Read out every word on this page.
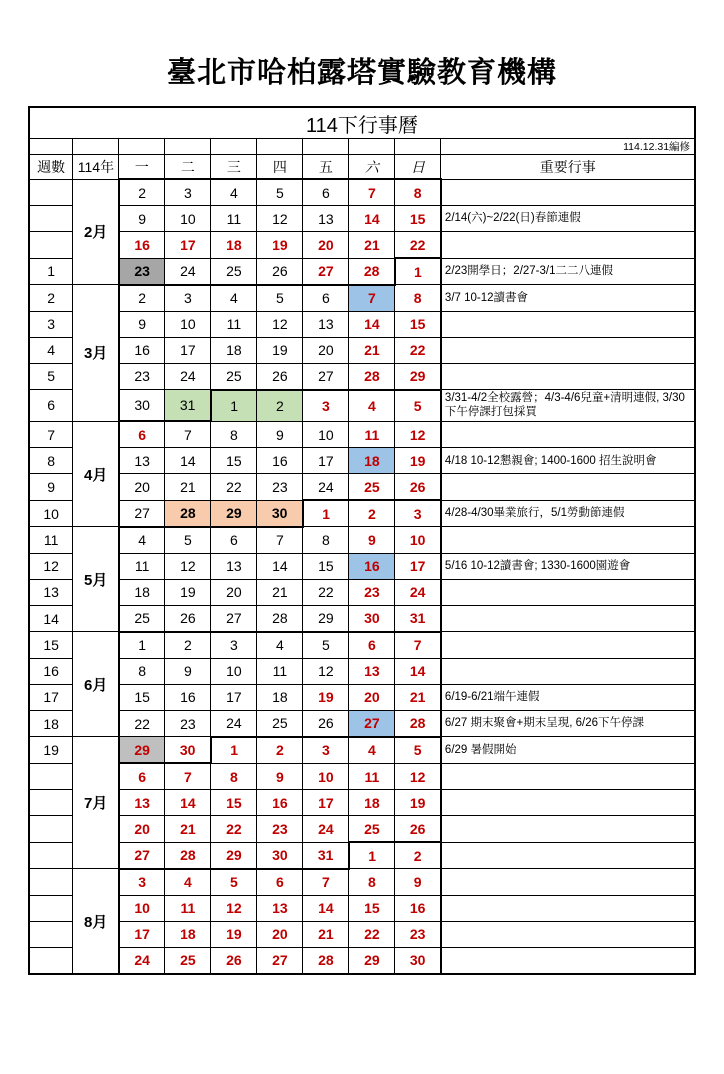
臺北市哈柏露塔實驗教育機構
114下行事曆									
									114.12.31編修
週數	114年	一	二	三	四	五	六	日	重要行事
	2月	2	3	4	5	6	7	8	
		9	10	11	12	13	14	15	2/14(六)~2/22(日)春節連假
		16	17	18	19	20	21	22	
1		23	24	25	26	27	28	1	2/23開學日；2/27-3/1二二八連假
2	3月	2	3	4	5	6	7	8	3/7 10-12讀書會
3		9	10	11	12	13	14	15	
4		16	17	18	19	20	21	22	
5		23	24	25	26	27	28	29	
6		30	31	1	2	3	4	5	3/31-4/2全校露營；4/3-4/6兒童+清明連假, 3/30下午停課打包採買
7	4月	6	7	8	9	10	11	12	
8		13	14	15	16	17	18	19	4/18 10-12懇親會; 1400-1600 招生說明會
9		20	21	22	23	24	25	26	
10		27	28	29	30	1	2	3	4/28-4/30畢業旅行，5/1勞動節連假
11	5月	4	5	6	7	8	9	10	
12		11	12	13	14	15	16	17	5/16 10-12讀書會; 1330-1600園遊會
13		18	19	20	21	22	23	24	
14		25	26	27	28	29	30	31	
15	6月	1	2	3	4	5	6	7	
16		8	9	10	11	12	13	14	
17		15	16	17	18	19	20	21	6/19-6/21端午連假
18		22	23	24	25	26	27	28	6/27 期末聚會+期末呈現, 6/26下午停課
19	7月	29	30	1	2	3	4	5	6/29 暑假開始
		6	7	8	9	10	11	12	
		13	14	15	16	17	18	19	
		20	21	22	23	24	25	26	
		27	28	29	30	31	1	2	
	8月	3	4	5	6	7	8	9	
		10	11	12	13	14	15	16	
		17	18	19	20	21	22	23	
		24	25	26	27	28	29	30	
